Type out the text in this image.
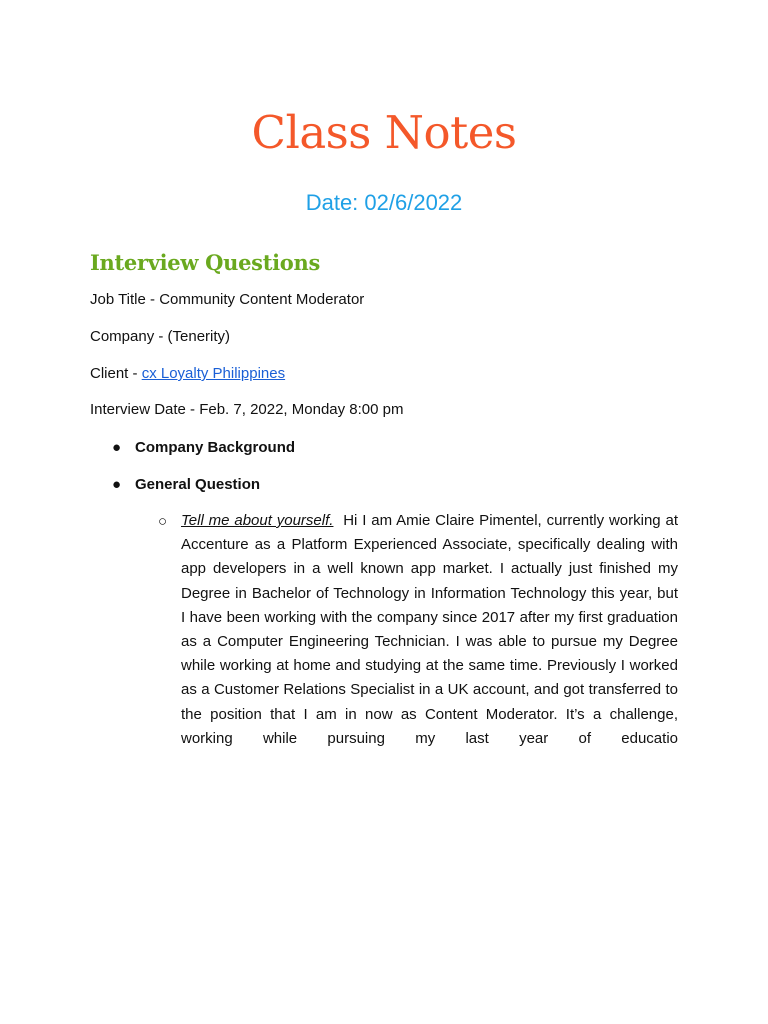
Class Notes
Date: 02/6/2022
Interview Questions

Job Title - Community Content Moderator

Company - (Tenerity)

Client - cx Loyalty Philippines

Interview Date - Feb. 7, 2022, Monday 8:00 pm

● Company Background
● General Question
○ Tell me about yourself. Hi I am Amie Claire Pimentel, currently working at Accenture as a Platform Experienced Associate, specifically dealing with app developers in a well known app market. I actually just finished my Degree in Bachelor of Technology in Information Technology this year, but I have been working with the company since 2017 after my first graduation as a Computer Engineering Technician. I was able to pursue my Degree while working at home and studying at the same time. Previously I worked as a Customer Relations Specialist in a UK account, and got transferred to the position that I am in now as Content Moderator. It’s a challenge, working while pursuing my last year of educatio
